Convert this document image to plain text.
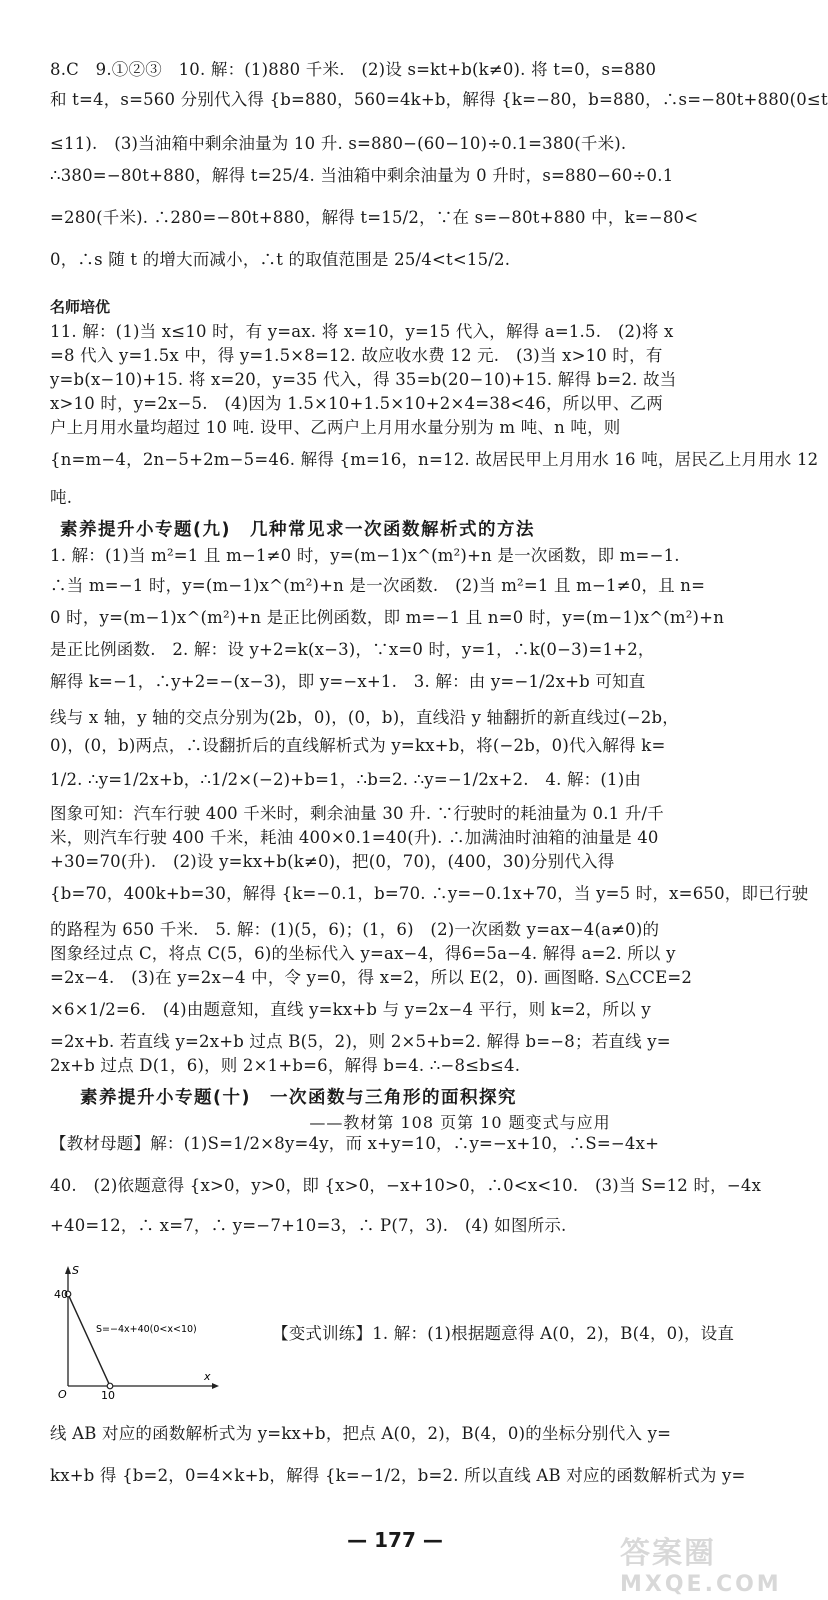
8.C　9.①②③　10. 解：(1)880 千米.　(2)设 s=kt+b(k≠0). 将 t=0，s=880
和 t=4，s=560 分别代入得 {b=880，560=4k+b，解得 {k=−80，b=880，∴s=−80t+880(0≤t
≤11).　(3)当油箱中剩余油量为 10 升. s=880−(60−10)÷0.1=380(千米).
∴380=−80t+880，解得 t=25/4. 当油箱中剩余油量为 0 升时，s=880−60÷0.1
=280(千米). ∴280=−80t+880，解得 t=15/2，∵在 s=−80t+880 中，k=−80<
0，∴s 随 t 的增大而减小，∴t 的取值范围是 25/4<t<15/2.
11. 解：(1)当 x≤10 时，有 y=ax. 将 x=10，y=15 代入，解得 a=1.5.　(2)将 x
=8 代入 y=1.5x 中，得 y=1.5×8=12. 故应收水费 12 元.　(3)当 x>10 时，有
y=b(x−10)+15. 将 x=20，y=35 代入，得 35=b(20−10)+15. 解得 b=2. 故当
x>10 时，y=2x−5.　(4)因为 1.5×10+1.5×10+2×4=38<46，所以甲、乙两
户上月用水量均超过 10 吨. 设甲、乙两户上月用水量分别为 m 吨、n 吨，则
{n=m−4，2n−5+2m−5=46. 解得 {m=16，n=12. 故居民甲上月用水 16 吨，居民乙上月用水 12
吨.
1. 解：(1)当 m²=1 且 m−1≠0 时，y=(m−1)x^(m²)+n 是一次函数，即 m=−1.
∴当 m=−1 时，y=(m−1)x^(m²)+n 是一次函数.　(2)当 m²=1 且 m−1≠0，且 n=
0 时，y=(m−1)x^(m²)+n 是正比例函数，即 m=−1 且 n=0 时，y=(m−1)x^(m²)+n
是正比例函数.　2. 解：设 y+2=k(x−3)，∵x=0 时，y=1，∴k(0−3)=1+2，
解得 k=−1，∴y+2=−(x−3)，即 y=−x+1.　3. 解：由 y=−1/2x+b 可知直
线与 x 轴，y 轴的交点分别为(2b，0)，(0，b)，直线沿 y 轴翻折的新直线过(−2b，
0)，(0，b)两点，∴设翻折后的直线解析式为 y=kx+b，将(−2b，0)代入解得 k=
1/2. ∴y=1/2x+b，∴1/2×(−2)+b=1，∴b=2. ∴y=−1/2x+2.　4. 解：(1)由
图象可知：汽车行驶 400 千米时，剩余油量 30 升. ∵行驶时的耗油量为 0.1 升/千
米，则汽车行驶 400 千米，耗油 400×0.1=40(升). ∴加满油时油箱的油量是 40
+30=70(升).　(2)设 y=kx+b(k≠0)，把(0，70)，(400，30)分别代入得
{b=70，400k+b=30，解得 {k=−0.1，b=70. ∴y=−0.1x+70，当 y=5 时，x=650，即已行驶
的路程为 650 千米.　5. 解：(1)(5，6)；(1，6)　(2)一次函数 y=ax−4(a≠0)的
图象经过点 C，将点 C(5，6)的坐标代入 y=ax−4，得6=5a−4. 解得 a=2. 所以 y
=2x−4.　(3)在 y=2x−4 中，令 y=0，得 x=2，所以 E(2，0). 画图略. S△CCE=2
×6×1/2=6.　(4)由题意知，直线 y=kx+b 与 y=2x−4 平行，则 k=2，所以 y
=2x+b. 若直线 y=2x+b 过点 B(5，2)，则 2×5+b=2. 解得 b=−8；若直线 y=
2x+b 过点 D(1，6)，则 2×1+b=6，解得 b=4. ∴−8≤b≤4.
【教材母题】解：(1)S=1/2×8y=4y，而 x+y=10，∴y=−x+10，∴S=−4x+
40.　(2)依题意得 {x>0，y>0，即 {x>0，−x+10>0，∴0<x<10.　(3)当 S=12 时，−4x
+40=12，∴ x=7，∴ y=−7+10=3，∴ P(7，3).　(4) 如图所示.
【变式训练】1. 解：(1)根据题意得 A(0，2)，B(4，0)，设直
线 AB 对应的函数解析式为 y=kx+b，把点 A(0，2)，B(4，0)的坐标分别代入 y=
kx+b 得 {b=2，0=4×k+b，解得 {k=−1/2，b=2. 所以直线 AB 对应的函数解析式为 y=
名师培优
素养提升小专题(九)　几种常见求一次函数解析式的方法
素养提升小专题(十)　一次函数与三角形的面积探究
——教材第 108 页第 10 题变式与应用
S
x
O
40
10
S=−4x+40(0<x<10)
— 177 —	答案圈
MXQE.COM
